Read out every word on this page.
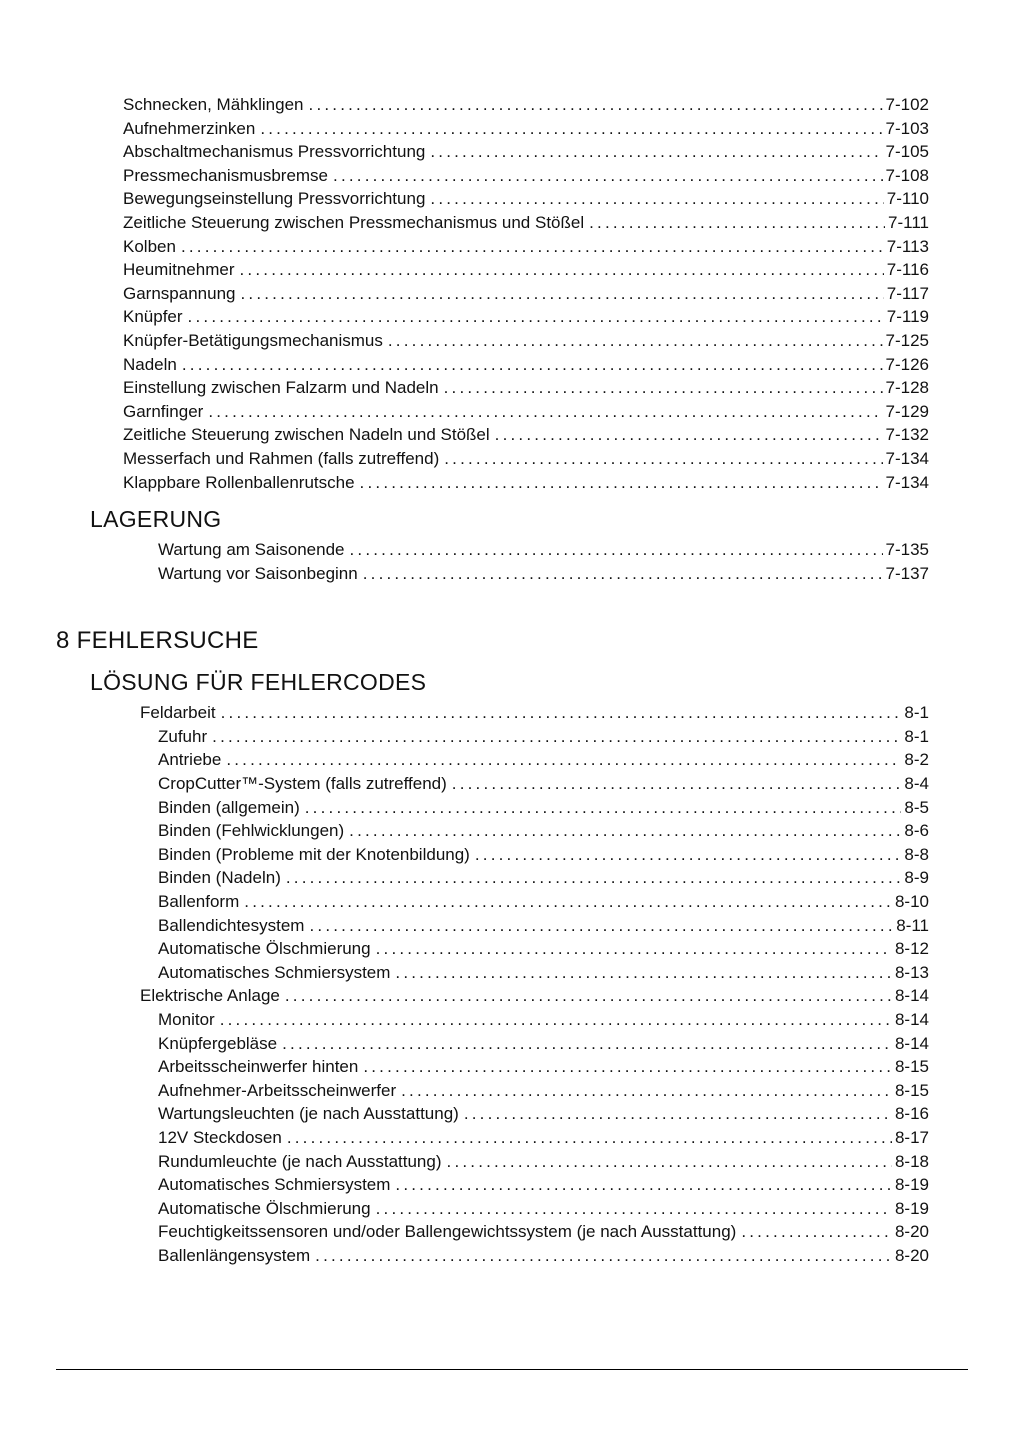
Schnecken, Mähklingen .....	7-102
Aufnehmerzinken .....	7-103
Abschaltmechanismus Pressvorrichtung .....	7-105
Pressmechanismusbremse .....	7-108
Bewegungseinstellung Pressvorrichtung .....	7-110
Zeitliche Steuerung zwischen Pressmechanismus und Stößel .....	7-111
Kolben .....	7-113
Heumitnehmer .....	7-116
Garnspannung .....	7-117
Knüpfer .....	7-119
Knüpfer-Betätigungsmechanismus .....	7-125
Nadeln .....	7-126
Einstellung zwischen Falzarm und Nadeln .....	7-128
Garnfinger .....	7-129
Zeitliche Steuerung zwischen Nadeln und Stößel .....	7-132
Messerfach und Rahmen (falls zutreffend) .....	7-134
Klappbare Rollenballenrutsche .....	7-134
LAGERUNG
Wartung am Saisonende .....	7-135
Wartung vor Saisonbeginn .....	7-137
8 FEHLERSUCHE
LÖSUNG FÜR FEHLERCODES
Feldarbeit .....	8-1
Zufuhr .....	8-1
Antriebe .....	8-2
CropCutter™-System (falls zutreffend) .....	8-4
Binden (allgemein) .....	8-5
Binden (Fehlwicklungen) .....	8-6
Binden (Probleme mit der Knotenbildung) .....	8-8
Binden (Nadeln) .....	8-9
Ballenform .....	8-10
Ballendichtesystem .....	8-11
Automatische Ölschmierung .....	8-12
Automatisches Schmiersystem .....	8-13
Elektrische Anlage .....	8-14
Monitor .....	8-14
Knüpfergebläse .....	8-14
Arbeitsscheinwerfer hinten .....	8-15
Aufnehmer-Arbeitsscheinwerfer .....	8-15
Wartungsleuchten (je nach Ausstattung) .....	8-16
12V Steckdosen .....	8-17
Rundumleuchte (je nach Ausstattung) .....	8-18
Automatisches Schmiersystem .....	8-19
Automatische Ölschmierung .....	8-19
Feuchtigkeitssensoren und/oder Ballengewichtssystem (je nach Ausstattung) .....	8-20
Ballenlängensystem .....	8-20
